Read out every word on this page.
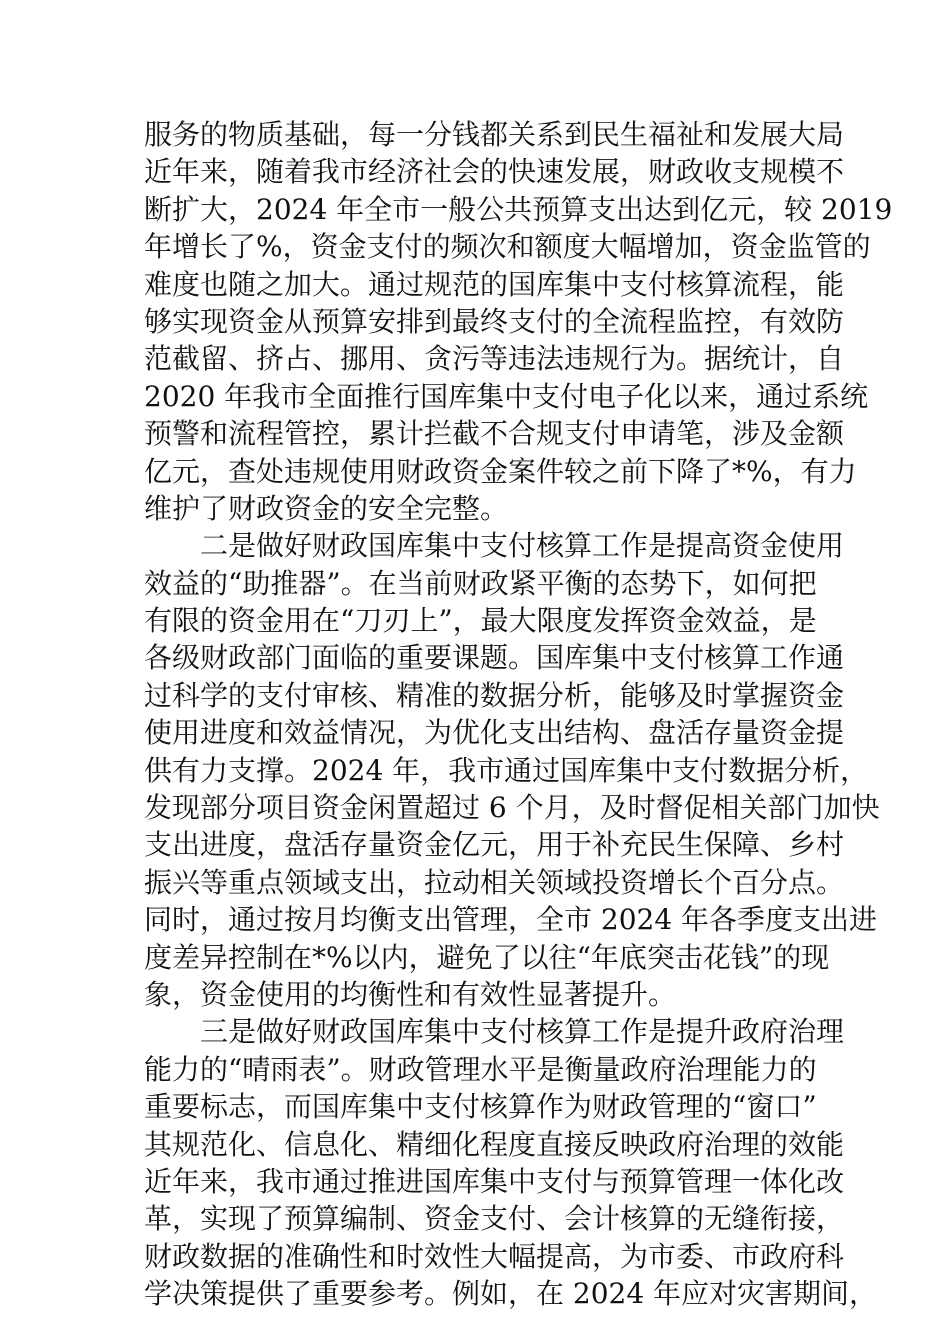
服务的物质基础，每一分钱都关系到民生福祉和发展大局
近年来，随着我市经济社会的快速发展，财政收支规模不
断扩大，2024 年全市一般公共预算支出达到亿元，较 2019
年增长了%，资金支付的频次和额度大幅增加，资金监管的
难度也随之加大。通过规范的国库集中支付核算流程，能
够实现资金从预算安排到最终支付的全流程监控，有效防
范截留、挤占、挪用、贪污等违法违规行为。据统计，自
2020 年我市全面推行国库集中支付电子化以来，通过系统
预警和流程管控，累计拦截不合规支付申请笔，涉及金额
亿元，查处违规使用财政资金案件较之前下降了*%，有力
维护了财政资金的安全完整。
二是做好财政国库集中支付核算工作是提高资金使用
效益的“助推器”。在当前财政紧平衡的态势下，如何把
有限的资金用在“刀刃上”，最大限度发挥资金效益，是
各级财政部门面临的重要课题。国库集中支付核算工作通
过科学的支付审核、精准的数据分析，能够及时掌握资金
使用进度和效益情况，为优化支出结构、盘活存量资金提
供有力支撑。2024 年，我市通过国库集中支付数据分析，
发现部分项目资金闲置超过 6 个月，及时督促相关部门加快
支出进度，盘活存量资金亿元，用于补充民生保障、乡村
振兴等重点领域支出，拉动相关领域投资增长个百分点。
同时，通过按月均衡支出管理，全市 2024 年各季度支出进
度差异控制在*%以内，避免了以往“年底突击花钱”的现
象，资金使用的均衡性和有效性显著提升。
三是做好财政国库集中支付核算工作是提升政府治理
能力的“晴雨表”。财政管理水平是衡量政府治理能力的
重要标志，而国库集中支付核算作为财政管理的“窗口”
其规范化、信息化、精细化程度直接反映政府治理的效能
近年来，我市通过推进国库集中支付与预算管理一体化改
革，实现了预算编制、资金支付、会计核算的无缝衔接，
财政数据的准确性和时效性大幅提高，为市委、市政府科
学决策提供了重要参考。例如，在 2024 年应对灾害期间，
